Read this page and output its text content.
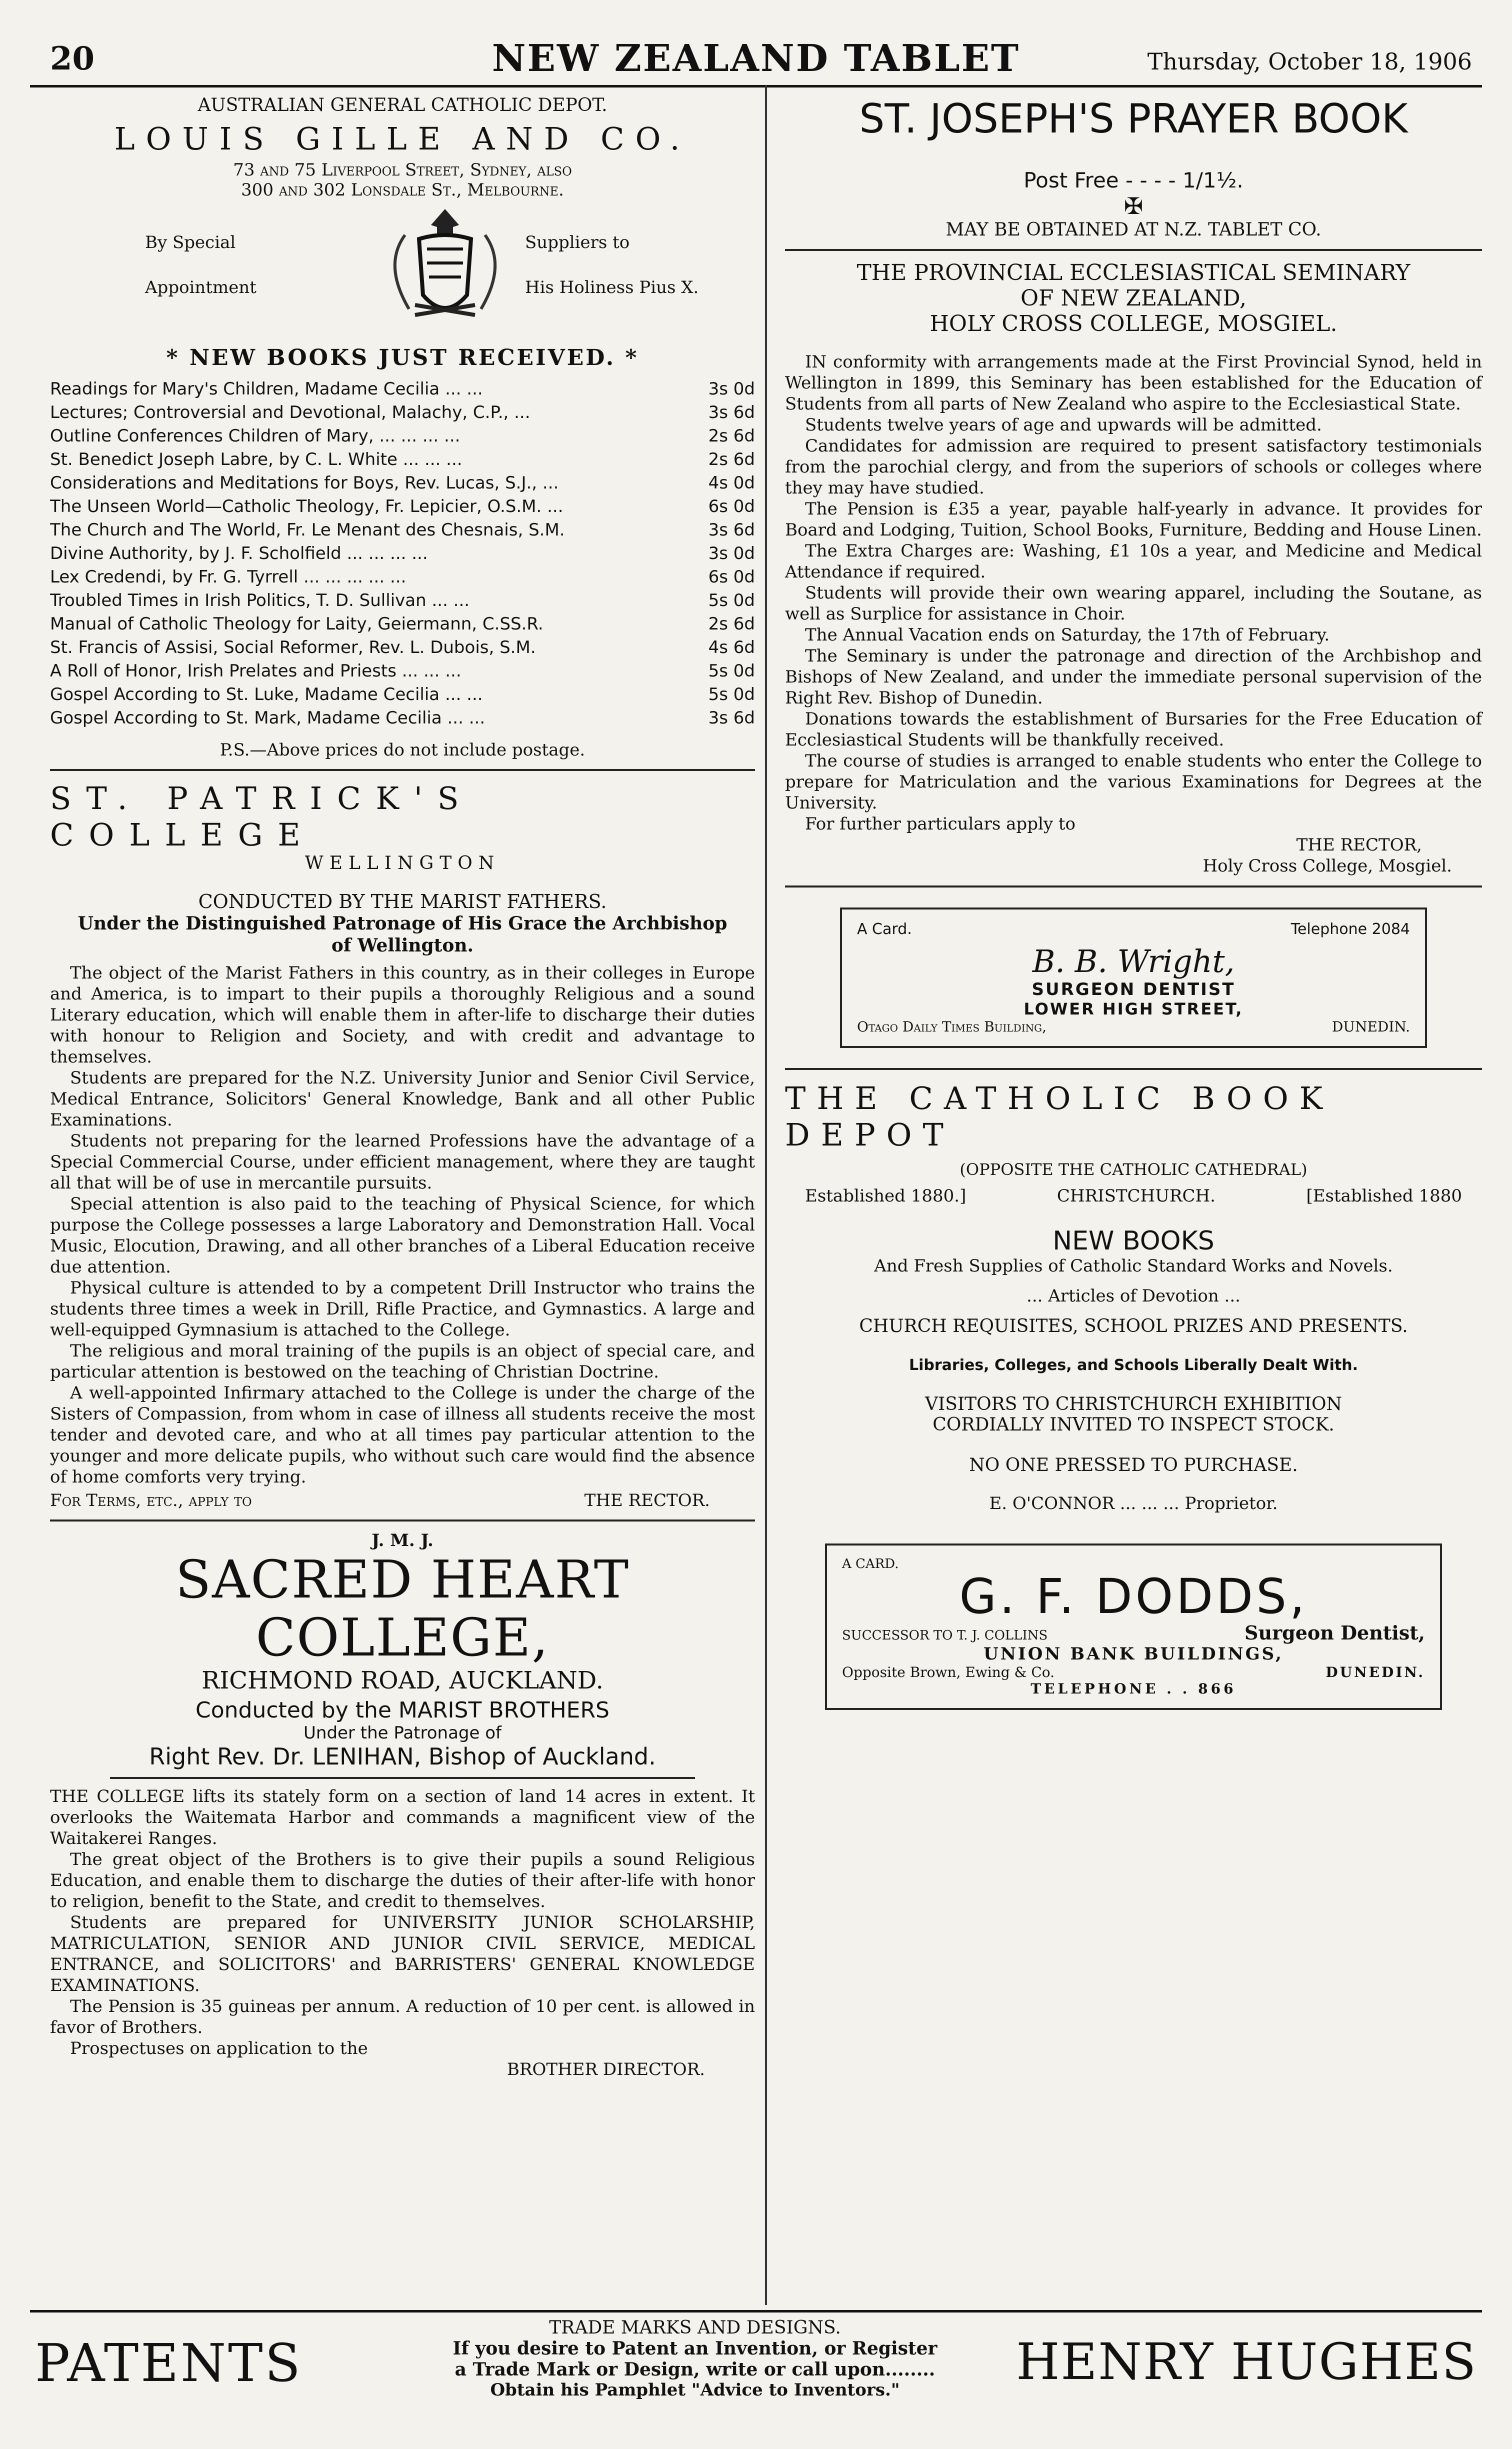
20	NEW ZEALAND TABLET	Thursday, October 18, 1906

AUSTRALIAN GENERAL CATHOLIC DEPOT.

LOUIS GILLE AND CO.

73 and 75 Liverpool Street, Sydney, also

300 and 302 Lonsdale St., Melbourne.

By Special

Appointment

Suppliers to

His Holiness Pius X.

* NEW BOOKS JUST RECEIVED. *

Readings for Mary's Children, Madame Cecilia ... ...	3s 0d
Lectures; Controversial and Devotional, Malachy, C.P., ...	3s 6d
Outline Conferences Children of Mary, ... ... ... ...	2s 6d
St. Benedict Joseph Labre, by C. L. White ... ... ...	2s 6d
Considerations and Meditations for Boys, Rev. Lucas, S.J., ...	4s 0d
The Unseen World—Catholic Theology, Fr. Lepicier, O.S.M. ...	6s 0d
The Church and The World, Fr. Le Menant des Chesnais, S.M.	3s 6d
Divine Authority, by J. F. Scholfield ... ... ... ...	3s 0d
Lex Credendi, by Fr. G. Tyrrell ... ... ... ... ...	6s 0d
Troubled Times in Irish Politics, T. D. Sullivan ... ...	5s 0d
Manual of Catholic Theology for Laity, Geiermann, C.SS.R.	2s 6d
St. Francis of Assisi, Social Reformer, Rev. L. Dubois, S.M.	4s 6d
A Roll of Honor, Irish Prelates and Priests ... ... ...	5s 0d
Gospel According to St. Luke, Madame Cecilia ... ...	5s 0d
Gospel According to St. Mark, Madame Cecilia ... ...	3s 6d

P.S.—Above prices do not include postage.

ST. PATRICK'S COLLEGE

WELLINGTON

CONDUCTED BY THE MARIST FATHERS.

Under the Distinguished Patronage of His Grace the Archbishop of Wellington.

The object of the Marist Fathers in this country, as in their colleges in Europe and America, is to impart to their pupils a thoroughly Religious and a sound Literary education, which will enable them in after-life to discharge their duties with honour to Religion and Society, and with credit and advantage to themselves.

Students are prepared for the N.Z. University Junior and Senior Civil Service, Medical Entrance, Solicitors' General Knowledge, Bank and all other Public Examinations.

Students not preparing for the learned Professions have the advantage of a Special Commercial Course, under efficient management, where they are taught all that will be of use in mercantile pursuits.

Special attention is also paid to the teaching of Physical Science, for which purpose the College possesses a large Laboratory and Demonstration Hall. Vocal Music, Elocution, Drawing, and all other branches of a Liberal Education receive due attention.

Physical culture is attended to by a competent Drill Instructor who trains the students three times a week in Drill, Rifle Practice, and Gymnastics. A large and well-equipped Gymnasium is attached to the College.

The religious and moral training of the pupils is an object of special care, and particular attention is bestowed on the teaching of Christian Doctrine.

A well-appointed Infirmary attached to the College is under the charge of the Sisters of Compassion, from whom in case of illness all students receive the most tender and devoted care, and who at all times pay particular attention to the younger and more delicate pupils, who without such care would find the absence of home comforts very trying.

For Terms, etc., apply to	THE RECTOR.

J. M. J.

SACRED HEART COLLEGE,

RICHMOND ROAD, AUCKLAND.

Conducted by the MARIST BROTHERS

Under the Patronage of

Right Rev. Dr. LENIHAN, Bishop of Auckland.

THE COLLEGE lifts its stately form on a section of land 14 acres in extent. It overlooks the Waitemata Harbor and commands a magnificent view of the Waitakerei Ranges.

The great object of the Brothers is to give their pupils a sound Religious Education, and enable them to discharge the duties of their after-life with honor to religion, benefit to the State, and credit to themselves.

Students are prepared for UNIVERSITY JUNIOR SCHOLARSHIP, MATRICULATION, SENIOR AND JUNIOR CIVIL SERVICE, MEDICAL ENTRANCE, and SOLICITORS' and BARRISTERS' GENERAL KNOWLEDGE EXAMINATIONS.

The Pension is 35 guineas per annum. A reduction of 10 per cent. is allowed in favor of Brothers.

Prospectuses on application to the

BROTHER DIRECTOR.

ST. JOSEPH'S PRAYER BOOK

Post Free - - - - 1/1½.

✠

MAY BE OBTAINED AT N.Z. TABLET CO.

THE PROVINCIAL ECCLESIASTICAL SEMINARY

OF NEW ZEALAND,

HOLY CROSS COLLEGE, MOSGIEL.

IN conformity with arrangements made at the First Provincial Synod, held in Wellington in 1899, this Seminary has been established for the Education of Students from all parts of New Zealand who aspire to the Ecclesiastical State.

Students twelve years of age and upwards will be admitted.

Candidates for admission are required to present satisfactory testimonials from the parochial clergy, and from the superiors of schools or colleges where they may have studied.

The Pension is £35 a year, payable half-yearly in advance. It provides for Board and Lodging, Tuition, School Books, Furniture, Bedding and House Linen.

The Extra Charges are: Washing, £1 10s a year, and Medicine and Medical Attendance if required.

Students will provide their own wearing apparel, including the Soutane, as well as Surplice for assistance in Choir.

The Annual Vacation ends on Saturday, the 17th of February.

The Seminary is under the patronage and direction of the Archbishop and Bishops of New Zealand, and under the immediate personal supervision of the Right Rev. Bishop of Dunedin.

Donations towards the establishment of Bursaries for the Free Education of Ecclesiastical Students will be thankfully received.

The course of studies is arranged to enable students who enter the College to prepare for Matriculation and the various Examinations for Degrees at the University.

For further particulars apply to

THE RECTOR,

Holy Cross College, Mosgiel.

A Card.	Telephone 2084

B. B. Wright,

SURGEON DENTIST

LOWER HIGH STREET,

Otago Daily Times Building,	DUNEDIN.

THE CATHOLIC BOOK DEPOT

(OPPOSITE THE CATHOLIC CATHEDRAL)

Established 1880.]	CHRISTCHURCH.	[Established 1880

NEW BOOKS

And Fresh Supplies of Catholic Standard Works and Novels.

... Articles of Devotion ...

CHURCH REQUISITES, SCHOOL PRIZES AND PRESENTS.

Libraries, Colleges, and Schools Liberally Dealt With.

VISITORS TO CHRISTCHURCH EXHIBITION

CORDIALLY INVITED TO INSPECT STOCK.

NO ONE PRESSED TO PURCHASE.

E. O'CONNOR ... ... ... Proprietor.

A CARD.

G. F. DODDS,

SUCCESSOR TO T. J. COLLINS	Surgeon Dentist,

UNION BANK BUILDINGS,

Opposite Brown, Ewing & Co.	DUNEDIN.

TELEPHONE . . 866

PATENTS

TRADE MARKS AND DESIGNS.

If you desire to Patent an Invention, or Register

a Trade Mark or Design, write or call upon........

Obtain his Pamphlet "Advice to Inventors."	HENRY HUGHES
